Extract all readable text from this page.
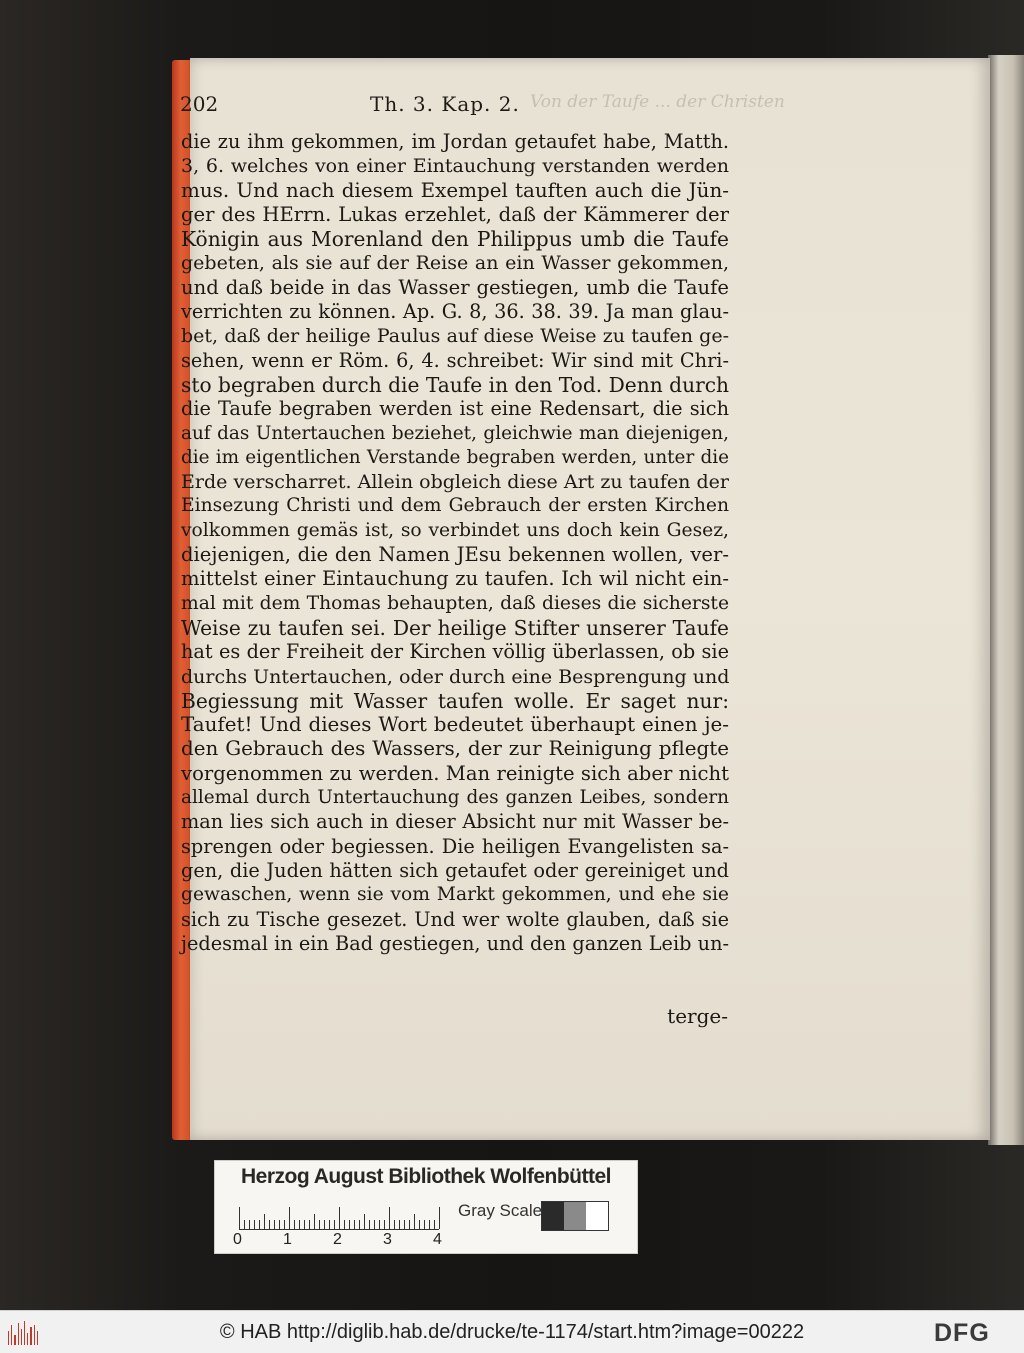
202	Th. 3. Kap. 2. Von der Taufe ... der Christen
die zu ihm gekommen, im Jordan getaufet habe, Matth.
3, 6. welches von einer Eintauchung verstanden werden
mus. Und nach diesem Exempel tauften auch die Jün-
ger des HErrn. Lukas erzehlet, daß der Kämmerer der
Königin aus Morenland den Philippus umb die Taufe
gebeten, als sie auf der Reise an ein Wasser gekommen,
und daß beide in das Wasser gestiegen, umb die Taufe
verrichten zu können. Ap. G. 8, 36. 38. 39. Ja man glau-
bet, daß der heilige Paulus auf diese Weise zu taufen ge-
sehen, wenn er Röm. 6, 4. schreibet: Wir sind mit Chri-
sto begraben durch die Taufe in den Tod. Denn durch
die Taufe begraben werden ist eine Redensart, die sich
auf das Untertauchen beziehet, gleichwie man diejenigen,
die im eigentlichen Verstande begraben werden, unter die
Erde verscharret. Allein obgleich diese Art zu taufen der
Einsezung Christi und dem Gebrauch der ersten Kirchen
volkommen gemäs ist, so verbindet uns doch kein Gesez,
diejenigen, die den Namen JEsu bekennen wollen, ver-
mittelst einer Eintauchung zu taufen. Ich wil nicht ein-
mal mit dem Thomas behaupten, daß dieses die sicherste
Weise zu taufen sei. Der heilige Stifter unserer Taufe
hat es der Freiheit der Kirchen völlig überlassen, ob sie
durchs Untertauchen, oder durch eine Besprengung und
Begiessung mit Wasser taufen wolle. Er saget nur:
Taufet! Und dieses Wort bedeutet überhaupt einen je-
den Gebrauch des Wassers, der zur Reinigung pflegte
vorgenommen zu werden. Man reinigte sich aber nicht
allemal durch Untertauchung des ganzen Leibes, sondern
man lies sich auch in dieser Absicht nur mit Wasser be-
sprengen oder begiessen. Die heiligen Evangelisten sa-
gen, die Juden hätten sich getaufet oder gereiniget und
gewaschen, wenn sie vom Markt gekommen, und ehe sie
sich zu Tische gesezet. Und wer wolte glauben, daß sie
jedesmal in ein Bad gestiegen, und den ganzen Leib un-
terge-
Herzog August Bibliothek Wolfenbüttel
0	1	2	3	4
Gray Scale
© HAB http://diglib.hab.de/drucke/te-1174/start.htm?image=00222	DFG
